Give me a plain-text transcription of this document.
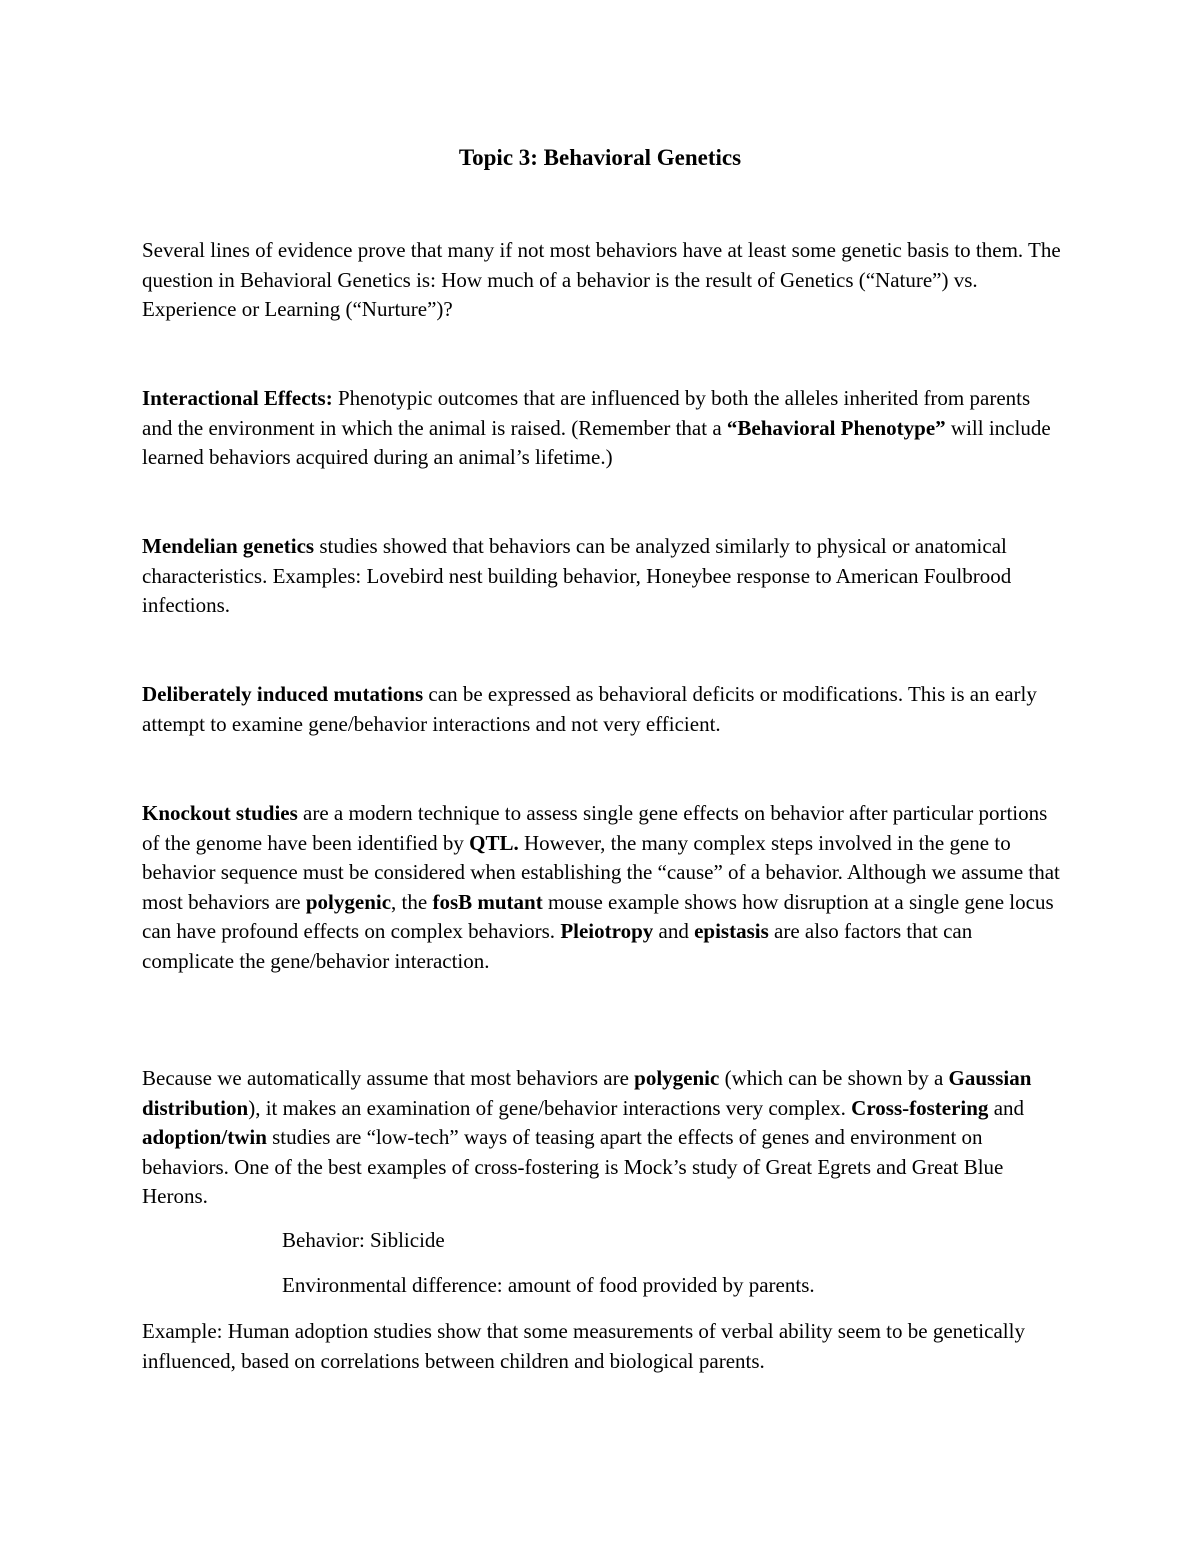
Topic 3: Behavioral Genetics

Several lines of evidence prove that many if not most behaviors have at least some genetic basis to them. The question in Behavioral Genetics is: How much of a behavior is the result of Genetics (“Nature”) vs. Experience or Learning (“Nurture”)?

Interactional Effects: Phenotypic outcomes that are influenced by both the alleles inherited from parents and the environment in which the animal is raised. (Remember that a “Behavioral Phenotype” will include learned behaviors acquired during an animal’s lifetime.)

Mendelian genetics studies showed that behaviors can be analyzed similarly to physical or anatomical characteristics. Examples: Lovebird nest building behavior, Honeybee response to American Foulbrood infections.

Deliberately induced mutations can be expressed as behavioral deficits or modifications. This is an early attempt to examine gene/behavior interactions and not very efficient.

Knockout studies are a modern technique to assess single gene effects on behavior after particular portions of the genome have been identified by QTL. However, the many complex steps involved in the gene to behavior sequence must be considered when establishing the “cause” of a behavior. Although we assume that most behaviors are polygenic, the fosB mutant mouse example shows how disruption at a single gene locus can have profound effects on complex behaviors. Pleiotropy and epistasis are also factors that can complicate the gene/behavior interaction.

Because we automatically assume that most behaviors are polygenic (which can be shown by a Gaussian distribution), it makes an examination of gene/behavior interactions very complex. Cross-fostering and adoption/twin studies are “low-tech” ways of teasing apart the effects of genes and environment on behaviors. One of the best examples of cross-fostering is Mock’s study of Great Egrets and Great Blue Herons.

Behavior: Siblicide

Environmental difference: amount of food provided by parents.

Example: Human adoption studies show that some measurements of verbal ability seem to be genetically influenced, based on correlations between children and biological parents.
